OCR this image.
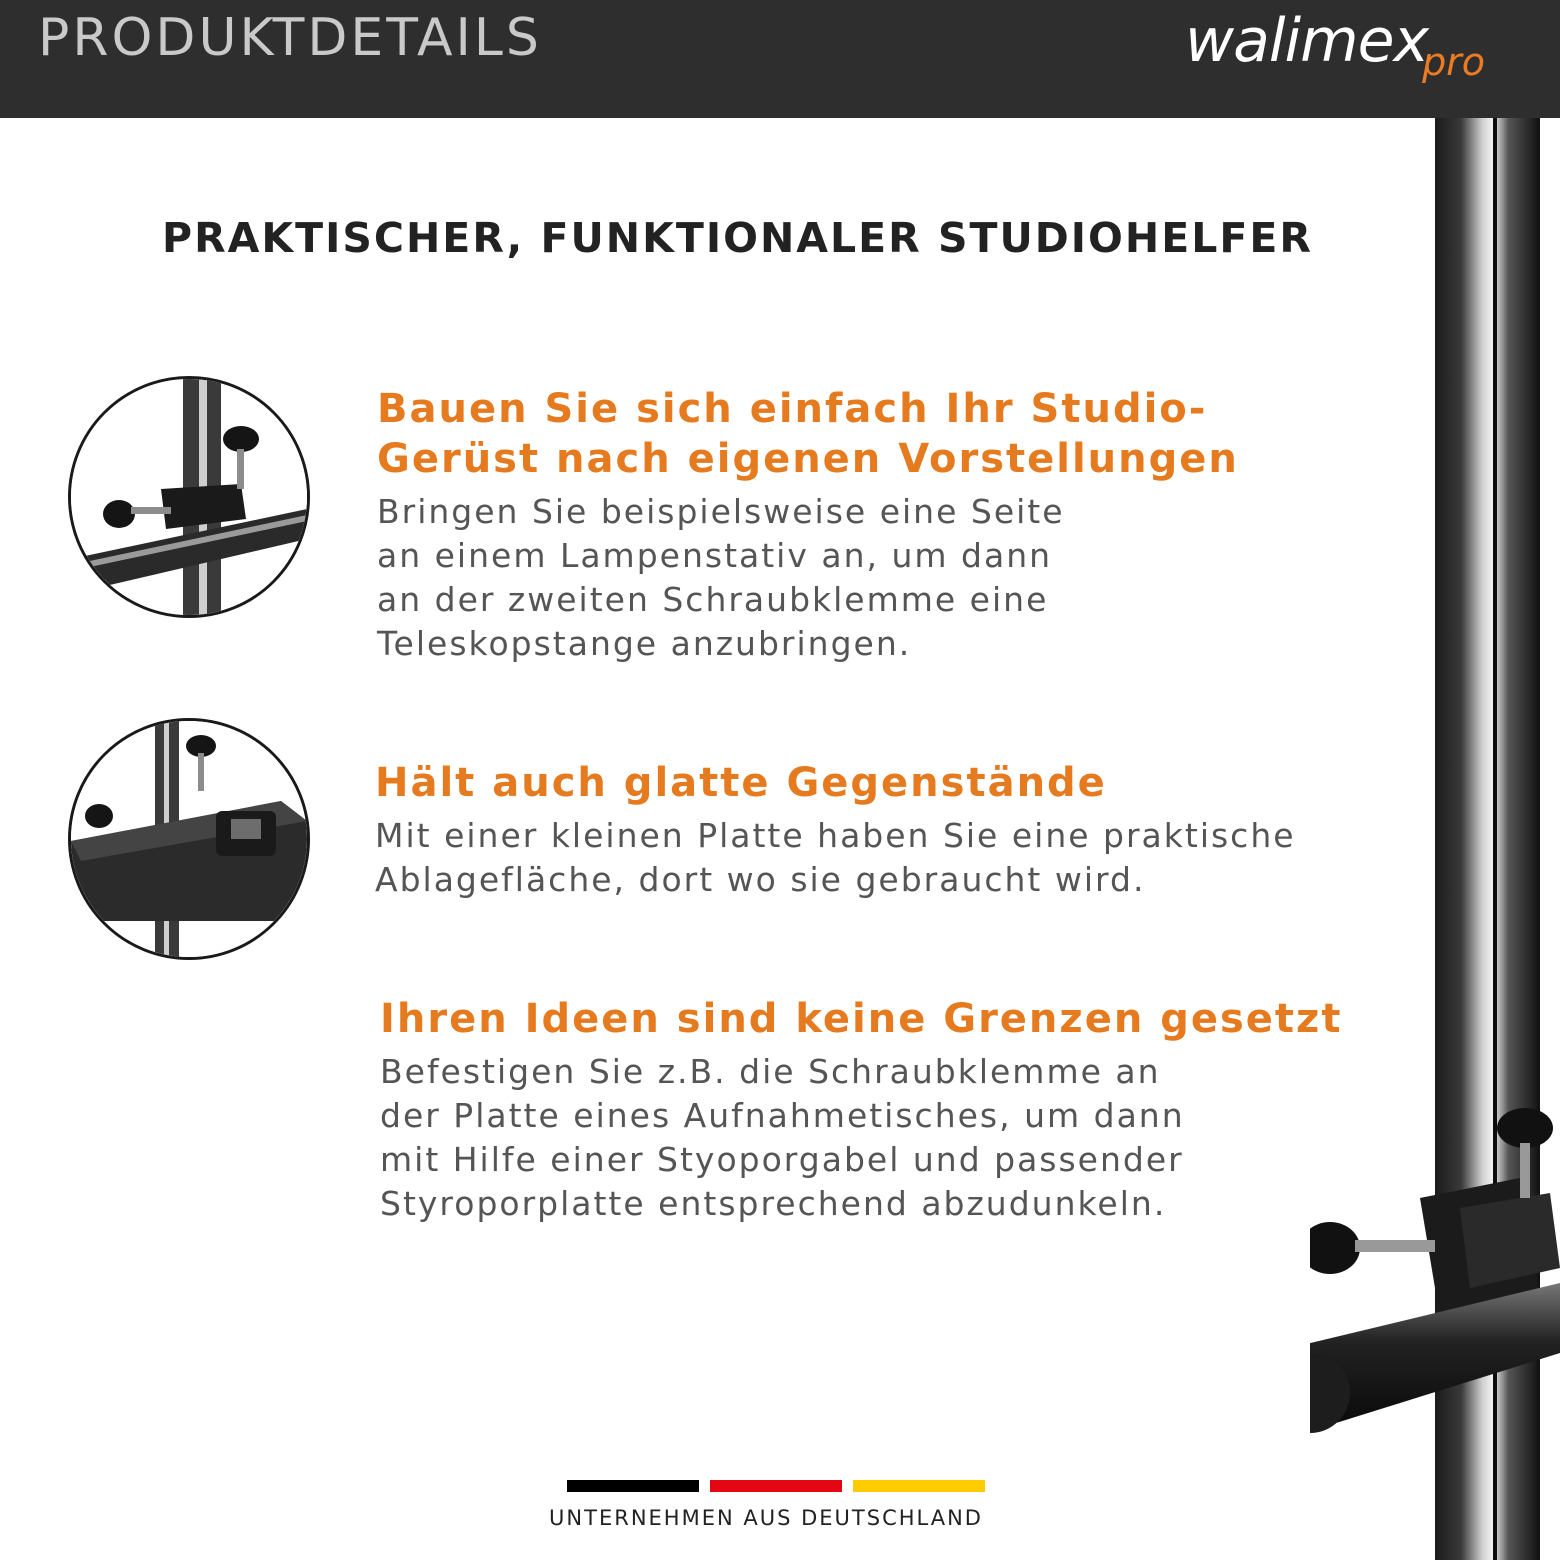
PRODUKTDETAILS	walimexpro
PRAKTISCHER, FUNKTIONALER STUDIOHELFER
Bauen Sie sich einfach Ihr Studio-
Gerüst nach eigenen Vorstellungen
Bringen Sie beispielsweise eine Seite
an einem Lampenstativ an, um dann
an der zweiten Schraubklemme eine
Teleskopstange anzubringen.
Hält auch glatte Gegenstände
Mit einer kleinen Platte haben Sie eine praktische
Ablagefläche, dort wo sie gebraucht wird.
Ihren Ideen sind keine Grenzen gesetzt
Befestigen Sie z.B. die Schraubklemme an
der Platte eines Aufnahmetisches, um dann
mit Hilfe einer Styoporgabel und passender
Styroporplatte entsprechend abzudunkeln.
UNTERNEHMEN AUS DEUTSCHLAND
